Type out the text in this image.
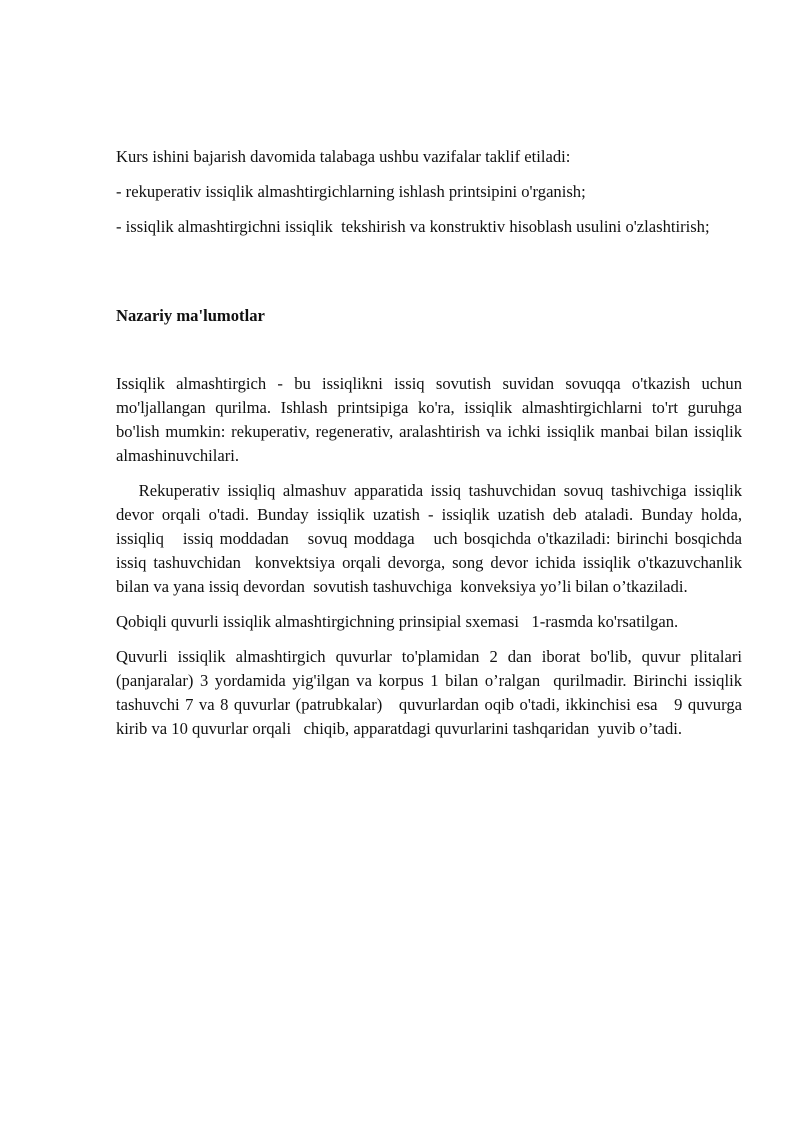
Kurs ishini bajarish davomida talabaga ushbu vazifalar taklif etiladi:

- rekuperativ issiqlik almashtirgichlarning ishlash printsipini o'rganish;

- issiqlik almashtirgichni issiqlik  tekshirish va konstruktiv hisoblash usulini o'zlashtirish;

Nazariy ma'lumotlar

Issiqlik almashtirgich - bu issiqlikni issiq sovutish suvidan sovuqqa o'tkazish uchun mo'ljallangan qurilma. Ishlash printsipiga ko'ra, issiqlik almashtirgichlarni to'rt guruhga bo'lish mumkin: rekuperativ, regenerativ, aralashtirish va ichki issiqlik manbai bilan issiqlik almashinuvchilari.

Rekuperativ issiqliq almashuv apparatida issiq tashuvchidan sovuq tashivchiga issiqlik  devor orqali o'tadi. Bunday issiqlik uzatish - issiqlik uzatish deb ataladi. Bunday holda, issiqliq   issiq moddadan   sovuq moddaga   uch bosqichda o'tkaziladi: birinchi bosqichda issiq tashuvchidan  konvektsiya orqali devorga, song devor ichida issiqlik o'tkazuvchanlik bilan va yana issiq devordan  sovutish tashuvchiga  konveksiya yo’li bilan o’tkaziladi.

Qobiqli quvurli issiqlik almashtirgichning prinsipial sxemasi   1-rasmda ko'rsatilgan.

Quvurli issiqlik almashtirgich quvurlar to'plamidan 2 dan iborat bo'lib, quvur plitalari (panjaralar) 3 yordamida yig'ilgan va korpus 1 bilan o’ralgan  qurilmadir. Birinchi issiqlik tashuvchi 7 va 8 quvurlar (patrubkalar)   quvurlardan oqib o'tadi, ikkinchisi esa   9 quvurga kirib va 10 quvurlar orqali   chiqib, apparatdagi quvurlarini tashqaridan  yuvib o’tadi.
